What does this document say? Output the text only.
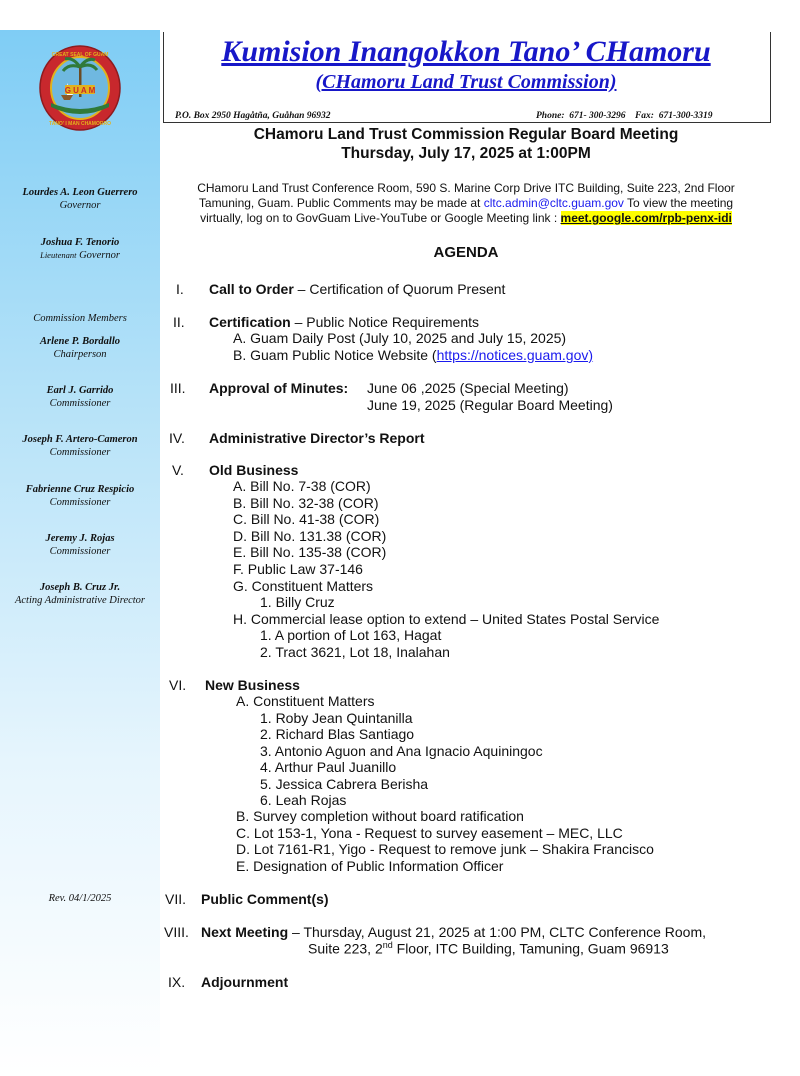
G U A M
GREAT SEAL OF GUAM
TANO' I MAN CHAMORRO
Lourdes A. Leon Guerrero
Governor
Joshua F. Tenorio
Lieutenant Governor
Commission Members
Arlene P. Bordallo
Chairperson
Earl J. Garrido
Commissioner
Joseph F. Artero-Cameron
Commissioner
Fabrienne Cruz Respicio
Commissioner
Jeremy J. Rojas
Commissioner
Joseph B. Cruz Jr.
Acting Administrative Director
Rev. 04/1/2025
Kumision Inangokkon Tano’ CHamoru
(CHamoru Land Trust Commission)
P.O. Box 2950 Hagåtña, Guåhan 96932	Phone:  671- 300-3296    Fax:  671-300-3319
CHamoru Land Trust Commission Regular Board Meeting
Thursday, July 17, 2025 at 1:00PM
CHamoru Land Trust Conference Room, 590 S. Marine Corp Drive ITC Building, Suite 223, 2nd Floor
Tamuning, Guam. Public Comments may be made at cltc.admin@cltc.guam.gov To view the meeting
virtually, log on to GovGuam Live-YouTube or Google Meeting link : meet.google.com/rpb-penx-idi
AGENDA
I. Call to Order – Certification of Quorum Present
II. Certification – Public Notice Requirements
A. Guam Daily Post (July 10, 2025 and July 15, 2025)
B. Guam Public Notice Website (https://notices.guam.gov)
III. Approval of Minutes: June 06 ,2025 (Special Meeting)
June 19, 2025 (Regular Board Meeting)
IV. Administrative Director’s Report
V. Old Business
A. Bill No. 7-38 (COR)
B. Bill No. 32-38 (COR)
C. Bill No. 41-38 (COR)
D. Bill No. 131.38 (COR)
E. Bill No. 135-38 (COR)
F. Public Law 37-146
G. Constituent Matters
1. Billy Cruz
H. Commercial lease option to extend – United States Postal Service
1. A portion of Lot 163, Hagat
2. Tract 3621, Lot 18, Inalahan
VI. New Business
A. Constituent Matters
1. Roby Jean Quintanilla
2. Richard Blas Santiago
3. Antonio Aguon and Ana Ignacio Aquiningoc
4. Arthur Paul Juanillo
5. Jessica Cabrera Berisha
6. Leah Rojas
B. Survey completion without board ratification
C. Lot 153-1, Yona - Request to survey easement – MEC, LLC
D. Lot 7161-R1, Yigo - Request to remove junk – Shakira Francisco
E. Designation of Public Information Officer
VII. Public Comment(s)
VIII. Next Meeting – Thursday, August 21, 2025 at 1:00 PM, CLTC Conference Room,
Suite 223, 2nd Floor, ITC Building, Tamuning, Guam 96913
IX. Adjournment
